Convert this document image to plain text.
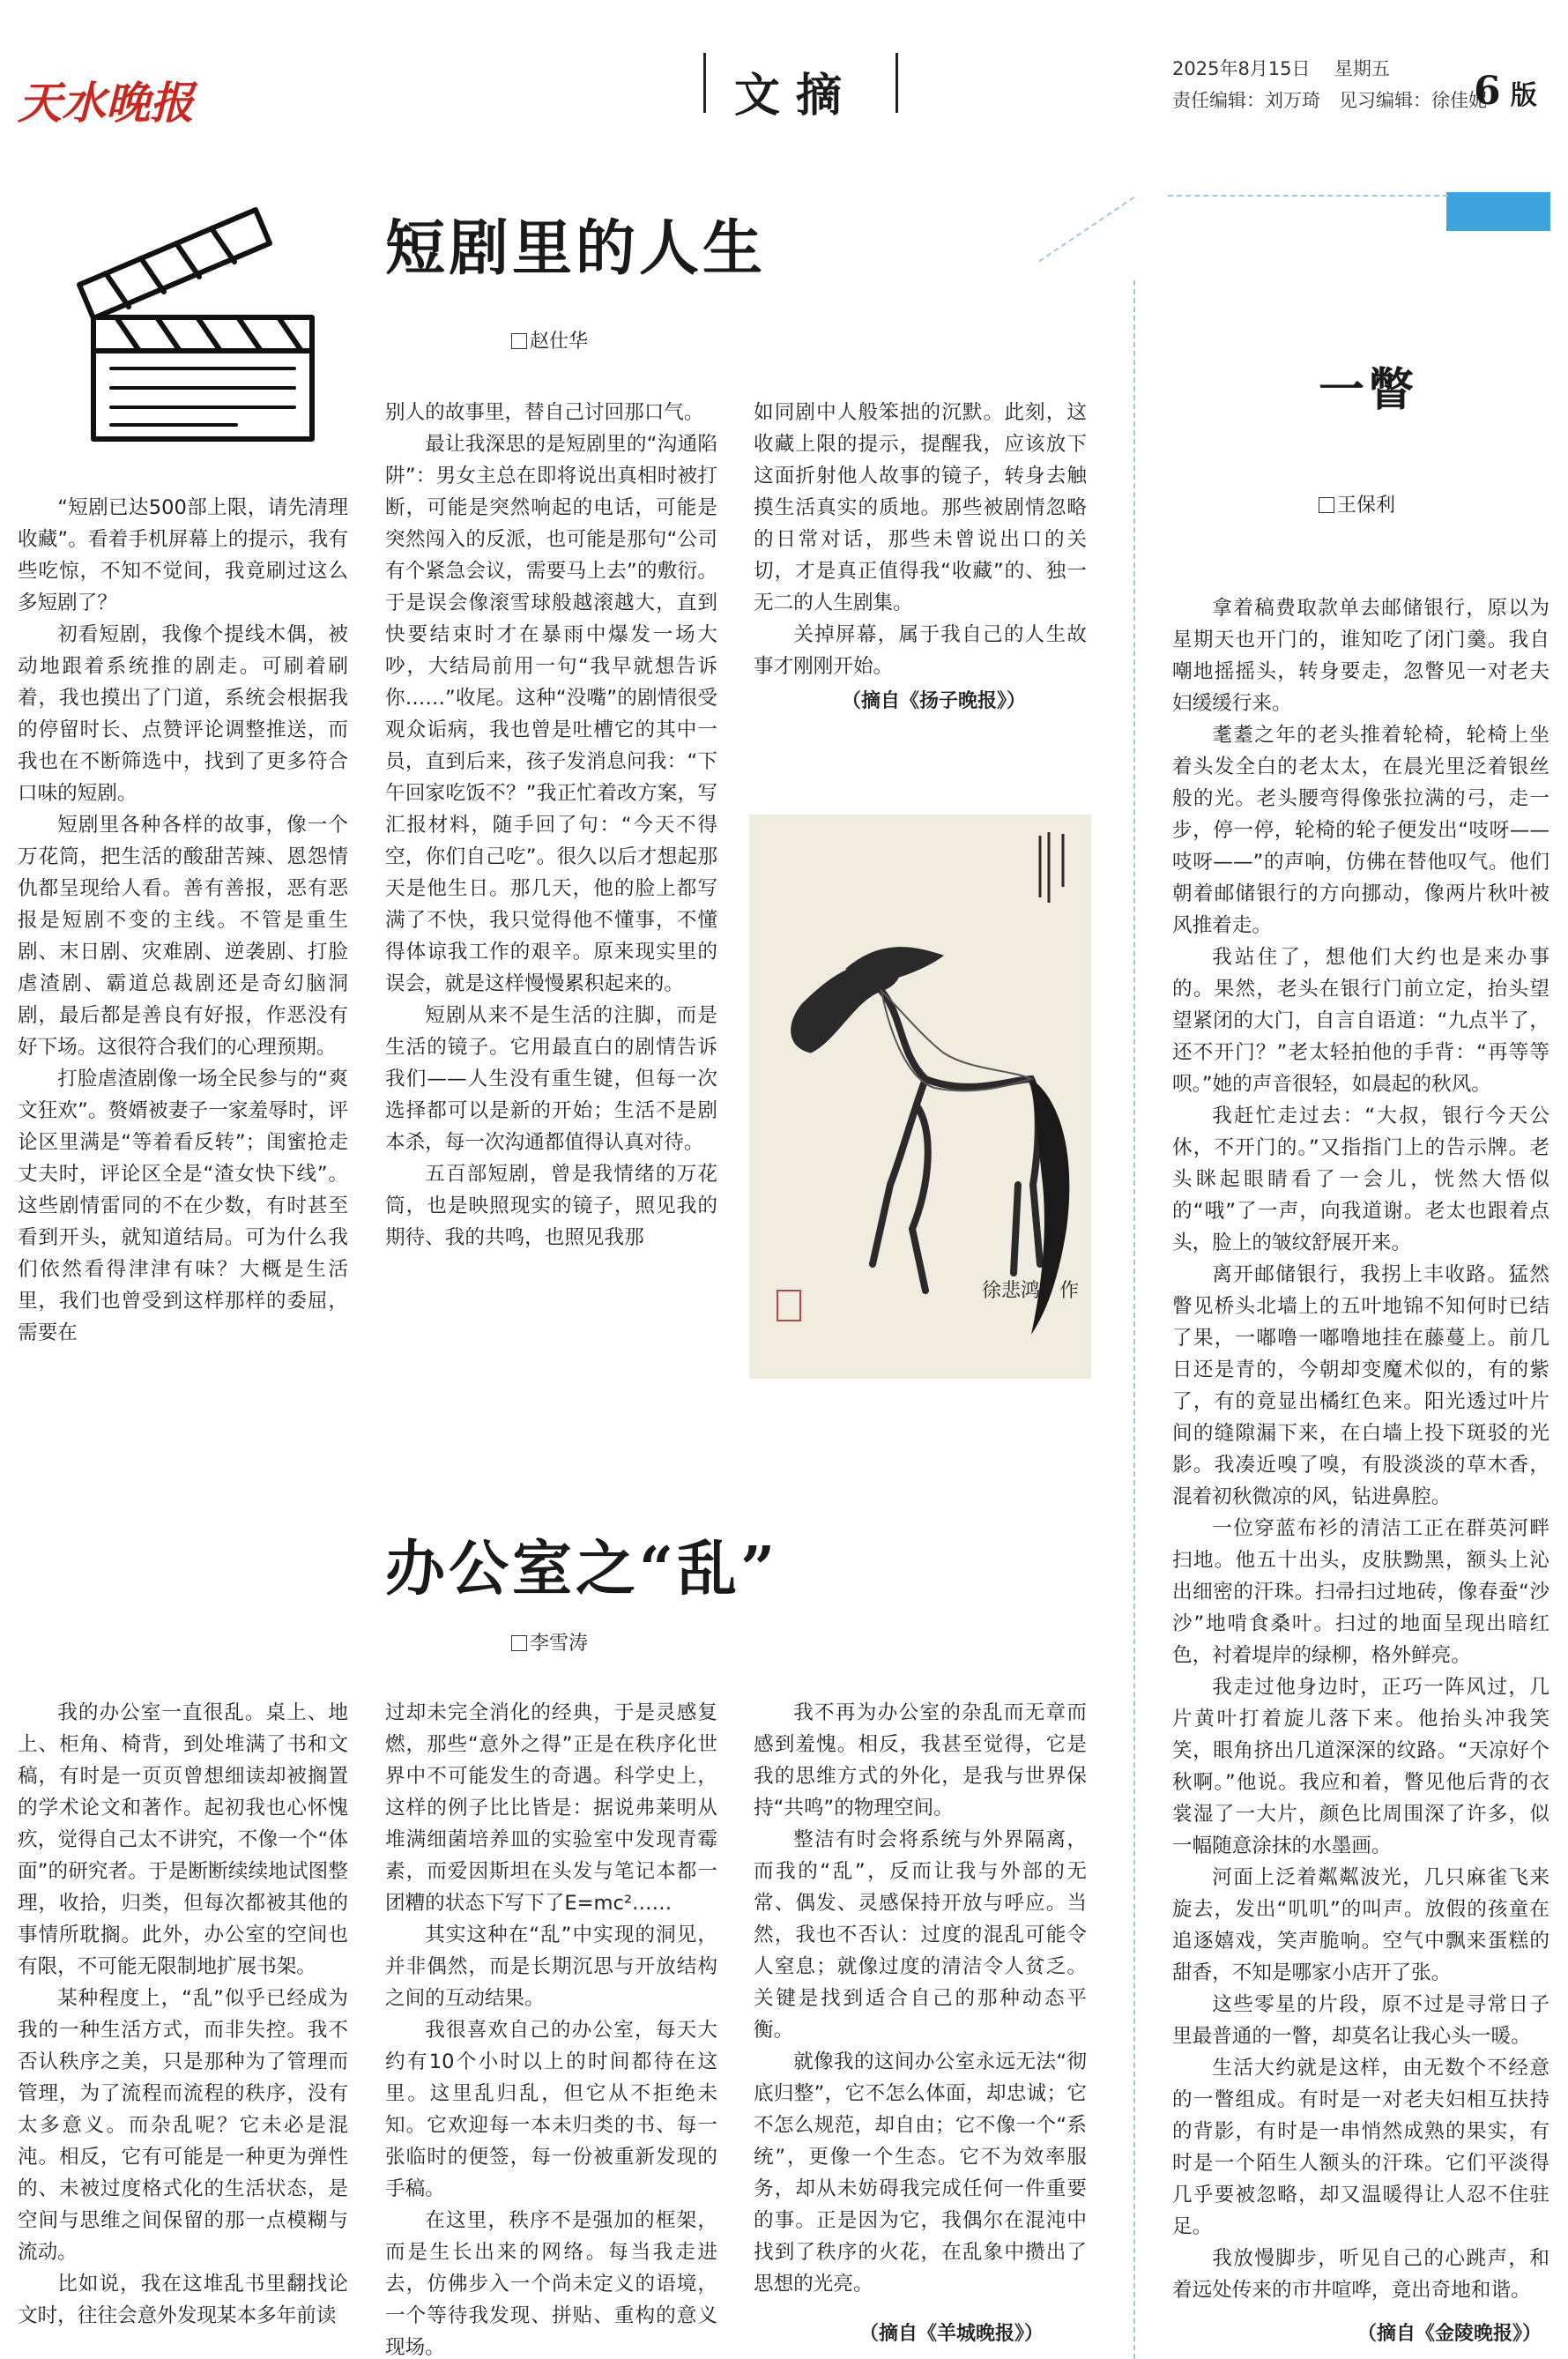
天水晚报	文摘	2025年8月15日 星期五
责任编辑：刘万琦　见习编辑：徐佳妮
6 版
短剧里的人生
赵仕华

“短剧已达500部上限，请先清理收藏”。看着手机屏幕上的提示，我有些吃惊，不知不觉间，我竟刷过这么多短剧了？

初看短剧，我像个提线木偶，被动地跟着系统推的剧走。可刷着刷着，我也摸出了门道，系统会根据我的停留时长、点赞评论调整推送，而我也在不断筛选中，找到了更多符合口味的短剧。

短剧里各种各样的故事，像一个万花筒，把生活的酸甜苦辣、恩怨情仇都呈现给人看。善有善报，恶有恶报是短剧不变的主线。不管是重生剧、末日剧、灾难剧、逆袭剧、打脸虐渣剧、霸道总裁剧还是奇幻脑洞剧，最后都是善良有好报，作恶没有好下场。这很符合我们的心理预期。

打脸虐渣剧像一场全民参与的“爽文狂欢”。赘婿被妻子一家羞辱时，评论区里满是“等着看反转”；闺蜜抢走丈夫时，评论区全是“渣女快下线”。这些剧情雷同的不在少数，有时甚至看到开头，就知道结局。可为什么我们依然看得津津有味？大概是生活里，我们也曾受到这样那样的委屈，需要在

别人的故事里，替自己讨回那口气。

最让我深思的是短剧里的“沟通陷阱”：男女主总在即将说出真相时被打断，可能是突然响起的电话，可能是突然闯入的反派，也可能是那句“公司有个紧急会议，需要马上去”的敷衍。于是误会像滚雪球般越滚越大，直到快要结束时才在暴雨中爆发一场大吵，大结局前用一句“我早就想告诉你……”收尾。这种“没嘴”的剧情很受观众诟病，我也曾是吐槽它的其中一员，直到后来，孩子发消息问我：“下午回家吃饭不？”我正忙着改方案，写汇报材料，随手回了句：“今天不得空，你们自己吃”。很久以后才想起那天是他生日。那几天，他的脸上都写满了不快，我只觉得他不懂事，不懂得体谅我工作的艰辛。原来现实里的误会，就是这样慢慢累积起来的。

短剧从来不是生活的注脚，而是生活的镜子。它用最直白的剧情告诉我们——人生没有重生键，但每一次选择都可以是新的开始；生活不是剧本杀，每一次沟通都值得认真对待。

五百部短剧，曾是我情绪的万花筒，也是映照现实的镜子，照见我的期待、我的共鸣，也照见我那

如同剧中人般笨拙的沉默。此刻，这收藏上限的提示，提醒我，应该放下这面折射他人故事的镜子，转身去触摸生活真实的质地。那些被剧情忽略的日常对话，那些未曾说出口的关切，才是真正值得我“收藏”的、独一无二的人生剧集。

关掉屏幕，属于我自己的人生故事才刚刚开始。

（摘自《扬子晚报》）
徐悲鸿　作
办公室之“乱”
李雪涛

我的办公室一直很乱。桌上、地上、柜角、椅背，到处堆满了书和文稿，有时是一页页曾想细读却被搁置的学术论文和著作。起初我也心怀愧疚，觉得自己太不讲究，不像一个“体面”的研究者。于是断断续续地试图整理，收拾，归类，但每次都被其他的事情所耽搁。此外，办公室的空间也有限，不可能无限制地扩展书架。

某种程度上，“乱”似乎已经成为我的一种生活方式，而非失控。我不否认秩序之美，只是那种为了管理而管理，为了流程而流程的秩序，没有太多意义。而杂乱呢？它未必是混沌。相反，它有可能是一种更为弹性的、未被过度格式化的生活状态，是空间与思维之间保留的那一点模糊与流动。

比如说，我在这堆乱书里翻找论文时，往往会意外发现某本多年前读

过却未完全消化的经典，于是灵感复燃，那些“意外之得”正是在秩序化世界中不可能发生的奇遇。科学史上，这样的例子比比皆是：据说弗莱明从堆满细菌培养皿的实验室中发现青霉素，而爱因斯坦在头发与笔记本都一团糟的状态下写下了E=mc²……

其实这种在“乱”中实现的洞见，并非偶然，而是长期沉思与开放结构之间的互动结果。

我很喜欢自己的办公室，每天大约有10个小时以上的时间都待在这里。这里乱归乱，但它从不拒绝未知。它欢迎每一本未归类的书、每一张临时的便签，每一份被重新发现的手稿。

在这里，秩序不是强加的框架，而是生长出来的网络。每当我走进去，仿佛步入一个尚未定义的语境，一个等待我发现、拼贴、重构的意义现场。

我不再为办公室的杂乱而无章而感到羞愧。相反，我甚至觉得，它是我的思维方式的外化，是我与世界保持“共鸣”的物理空间。

整洁有时会将系统与外界隔离，而我的“乱”，反而让我与外部的无常、偶发、灵感保持开放与呼应。当然，我也不否认：过度的混乱可能令人窒息；就像过度的清洁令人贫乏。关键是找到适合自己的那种动态平衡。

就像我的这间办公室永远无法“彻底归整”，它不怎么体面，却忠诚；它不怎么规范，却自由；它不像一个“系统”，更像一个生态。它不为效率服务，却从未妨碍我完成任何一件重要的事。正是因为它，我偶尔在混沌中找到了秩序的火花，在乱象中攒出了思想的光亮。

（摘自《羊城晚报》）
一瞥
王保利

拿着稿费取款单去邮储银行，原以为星期天也开门的，谁知吃了闭门羹。我自嘲地摇摇头，转身要走，忽瞥见一对老夫妇缓缓行来。

耄耋之年的老头推着轮椅，轮椅上坐着头发全白的老太太，在晨光里泛着银丝般的光。老头腰弯得像张拉满的弓，走一步，停一停，轮椅的轮子便发出“吱呀——吱呀——”的声响，仿佛在替他叹气。他们朝着邮储银行的方向挪动，像两片秋叶被风推着走。

我站住了，想他们大约也是来办事的。果然，老头在银行门前立定，抬头望望紧闭的大门，自言自语道：“九点半了，还不开门？”老太轻拍他的手背：“再等等呗。”她的声音很轻，如晨起的秋风。

我赶忙走过去：“大叔，银行今天公休，不开门的。”又指指门上的告示牌。老头眯起眼睛看了一会儿，恍然大悟似的“哦”了一声，向我道谢。老太也跟着点头，脸上的皱纹舒展开来。

离开邮储银行，我拐上丰收路。猛然瞥见桥头北墙上的五叶地锦不知何时已结了果，一嘟噜一嘟噜地挂在藤蔓上。前几日还是青的，今朝却变魔术似的，有的紫了，有的竟显出橘红色来。阳光透过叶片间的缝隙漏下来，在白墙上投下斑驳的光影。我凑近嗅了嗅，有股淡淡的草木香，混着初秋微凉的风，钻进鼻腔。

一位穿蓝布衫的清洁工正在群英河畔扫地。他五十出头，皮肤黝黑，额头上沁出细密的汗珠。扫帚扫过地砖，像春蚕“沙沙”地啃食桑叶。扫过的地面呈现出暗红色，衬着堤岸的绿柳，格外鲜亮。

我走过他身边时，正巧一阵风过，几片黄叶打着旋儿落下来。他抬头冲我笑笑，眼角挤出几道深深的纹路。“天凉好个秋啊。”他说。我应和着，瞥见他后背的衣裳湿了一大片，颜色比周围深了许多，似一幅随意涂抹的水墨画。

河面上泛着粼粼波光，几只麻雀飞来旋去，发出“叽叽”的叫声。放假的孩童在追逐嬉戏，笑声脆响。空气中飘来蛋糕的甜香，不知是哪家小店开了张。

这些零星的片段，原不过是寻常日子里最普通的一瞥，却莫名让我心头一暖。

生活大约就是这样，由无数个不经意的一瞥组成。有时是一对老夫妇相互扶持的背影，有时是一串悄然成熟的果实，有时是一个陌生人额头的汗珠。它们平淡得几乎要被忽略，却又温暖得让人忍不住驻足。

我放慢脚步，听见自己的心跳声，和着远处传来的市井喧哗，竟出奇地和谐。

（摘自《金陵晚报》）
